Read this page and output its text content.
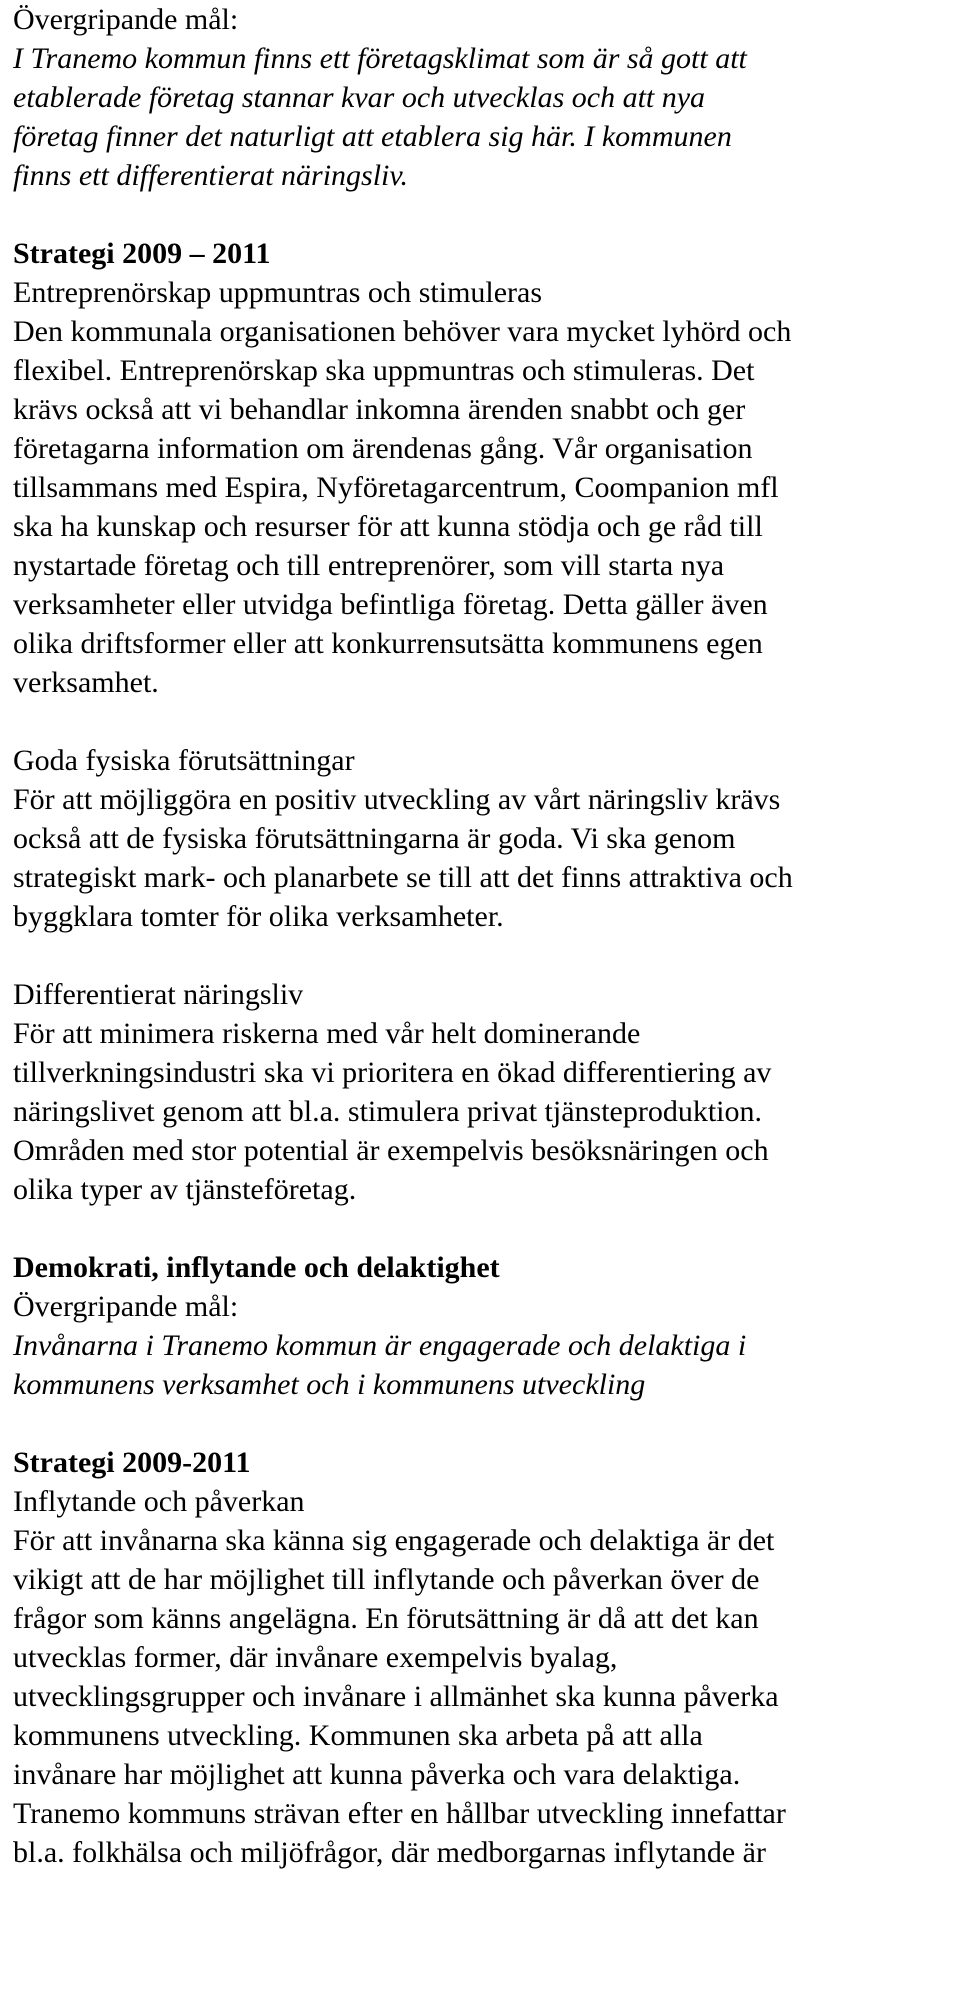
Övergripande mål:
I Tranemo kommun finns ett företagsklimat som är så gott att
etablerade företag stannar kvar och utvecklas och att nya
företag finner det naturligt att etablera sig här. I kommunen
finns ett differentierat näringsliv.
Strategi 2009 – 2011
Entreprenörskap uppmuntras och stimuleras
Den kommunala organisationen behöver vara mycket lyhörd och
flexibel. Entreprenörskap ska uppmuntras och stimuleras. Det
krävs också att vi behandlar inkomna ärenden snabbt och ger
företagarna information om ärendenas gång. Vår organisation
tillsammans med Espira, Nyföretagarcentrum, Coompanion mfl
ska ha kunskap och resurser för att kunna stödja och ge råd till
nystartade företag och till entreprenörer, som vill starta nya
verksamheter eller utvidga befintliga företag. Detta gäller även
olika driftsformer eller att konkurrensutsätta kommunens egen
verksamhet.
Goda fysiska förutsättningar
För att möjliggöra en positiv utveckling av vårt näringsliv krävs
också att de fysiska förutsättningarna är goda. Vi ska genom
strategiskt mark- och planarbete se till att det finns attraktiva och
byggklara tomter för olika verksamheter.
Differentierat näringsliv
För att minimera riskerna med vår helt dominerande
tillverkningsindustri ska vi prioritera en ökad differentiering av
näringslivet genom att bl.a. stimulera privat tjänsteproduktion.
Områden med stor potential är exempelvis besöksnäringen och
olika typer av tjänsteföretag.
Demokrati, inflytande och delaktighet
Övergripande mål:
Invånarna i Tranemo kommun är engagerade och delaktiga i
kommunens verksamhet och i kommunens utveckling
Strategi 2009-2011
Inflytande och påverkan
För att invånarna ska känna sig engagerade och delaktiga är det
vikigt att de har möjlighet till inflytande och påverkan över de
frågor som känns angelägna. En förutsättning är då att det kan
utvecklas former, där invånare exempelvis byalag,
utvecklingsgrupper och invånare i allmänhet ska kunna påverka
kommunens utveckling. Kommunen ska arbeta på att alla
invånare har möjlighet att kunna påverka och vara delaktiga.
Tranemo kommuns strävan efter en hållbar utveckling innefattar
bl.a. folkhälsa och miljöfrågor, där medborgarnas inflytande är
